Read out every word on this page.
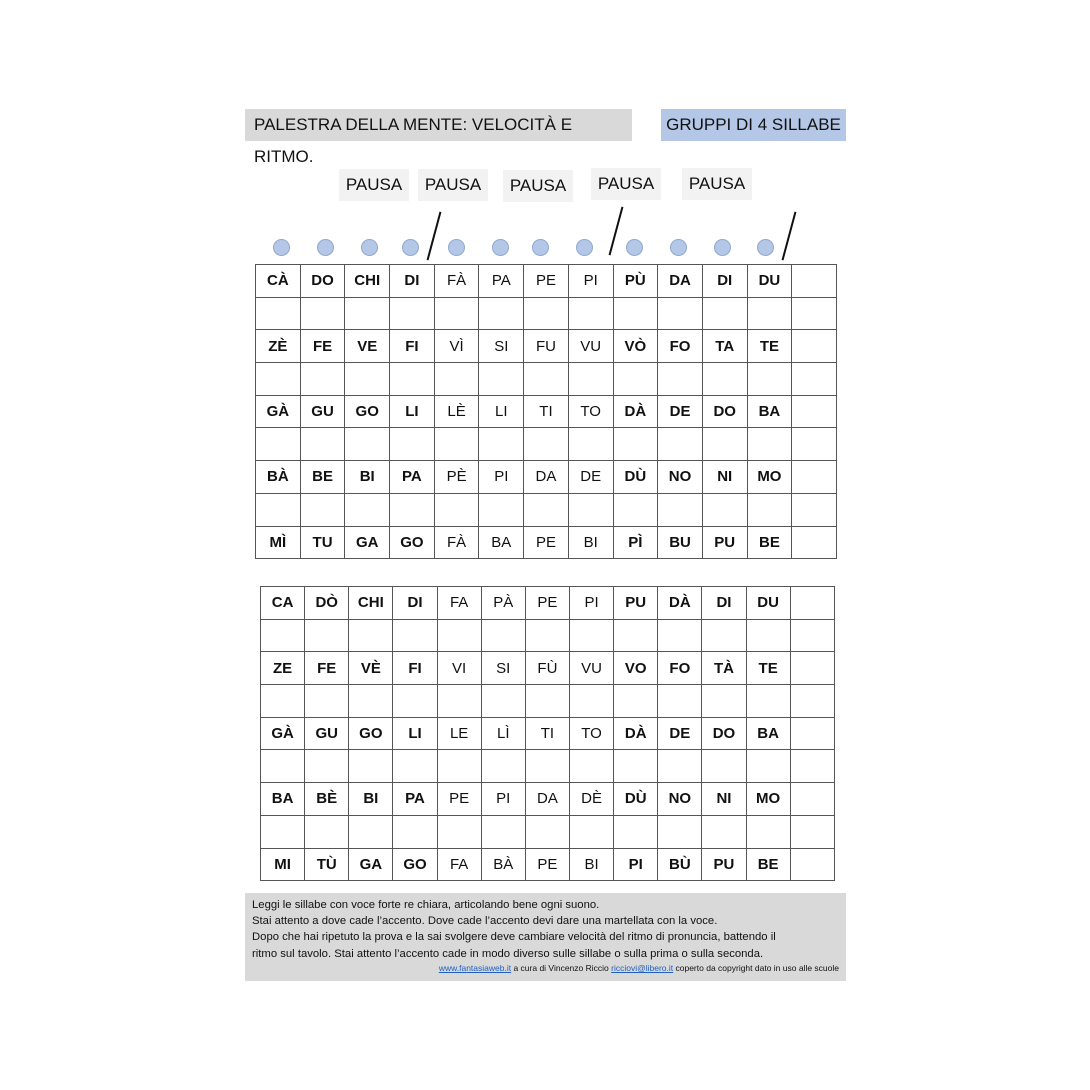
PALESTRA DELLA MENTE: VELOCITÀ E RITMO.
GRUPPI DI 4 SILLABE
PAUSA	PAUSA	PAUSA	PAUSA	PAUSA
CÀ	DO	CHI	DI	FÀ	PA	PE	PI	PÙ	DA	DI	DU	

ZÈ	FE	VE	FI	VÌ	SI	FU	VU	VÒ	FO	TA	TE	

GÀ	GU	GO	LI	LÈ	LI	TI	TO	DÀ	DE	DO	BA	

BÀ	BE	BI	PA	PÈ	PI	DA	DE	DÙ	NO	NI	MO	

MÌ	TU	GA	GO	FÀ	BA	PE	BI	PÌ	BU	PU	BE	
CA	DÒ	CHI	DI	FA	PÀ	PE	PI	PU	DÀ	DI	DU	

ZE	FE	VÈ	FI	VI	SI	FÙ	VU	VO	FO	TÀ	TE	

GÀ	GU	GO	LI	LE	LÌ	TI	TO	DÀ	DE	DO	BA	

BA	BÈ	BI	PA	PE	PI	DA	DÈ	DÙ	NO	NI	MO	

MI	TÙ	GA	GO	FA	BÀ	PE	BI	PI	BÙ	PU	BE	

Leggi le sillabe con voce forte re chiara, articolando bene ogni suono.

Stai attento a dove cade l’accento. Dove cade l’accento devi dare una martellata con la voce.

Dopo che hai ripetuto la prova e la sai svolgere deve cambiare velocità del ritmo di pronuncia, battendo il

ritmo sul tavolo. Stai attento l’accento cade in modo diverso sulle sillabe o sulla prima o sulla seconda.

www.fantasiaweb.it a cura di Vincenzo Riccio ricciovi@libero.it coperto da copyright dato in uso alle scuole
